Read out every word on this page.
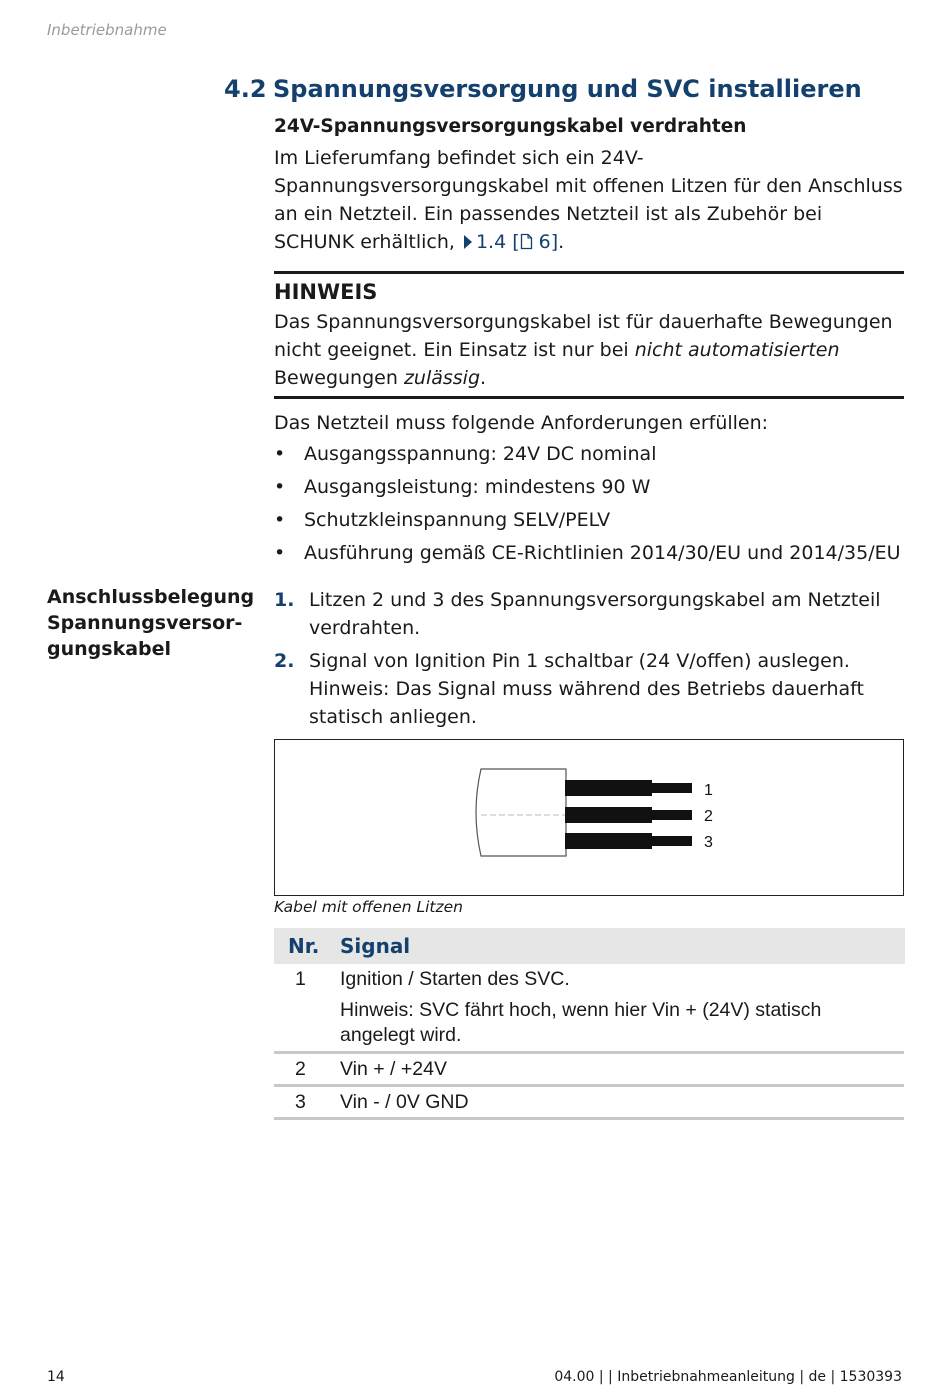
Inbetriebnahme
4.2 Spannungsversorgung und SVC installieren
24V-Spannungsversorgungskabel verdrahten
Im Lieferumfang befindet sich ein 24V-Spannungsversorgungskabel mit offenen Litzen für den Anschluss an ein Netzteil. Ein passendes Netzteil ist als Zubehör bei SCHUNK erhältlich, 1.4 [ 6].
HINWEIS
Das Spannungsversorgungskabel ist für dauerhafte Bewegungen nicht geeignet. Ein Einsatz ist nur bei nicht automatisierten Bewegungen zulässig.
Das Netzteil muss folgende Anforderungen erfüllen:
• Ausgangsspannung: 24V DC nominal
• Ausgangsleistung: mindestens 90 W
• Schutzkleinspannung SELV/PELV
• Ausführung gemäß CE-Richtlinien 2014/30/EU und 2014/35/EU
Anschlussbelegung Spannungsversor-gungskabel
1. Litzen 2 und 3 des Spannungsversorgungskabel am Netzteil verdrahten.
2. Signal von Ignition Pin 1 schaltbar (24 V/offen) auslegen. Hinweis: Das Signal muss während des Betriebs dauerhaft statisch anliegen.
1
2
3
Kabel mit offenen Litzen
Nr. Signal
1 Ignition / Starten des SVC.
Hinweis: SVC fährt hoch, wenn hier Vin + (24V) statisch angelegt wird.
2 Vin + / +24V
3 Vin - / 0V GND
14	04.00 | | Inbetriebnahmeanleitung | de | 1530393
